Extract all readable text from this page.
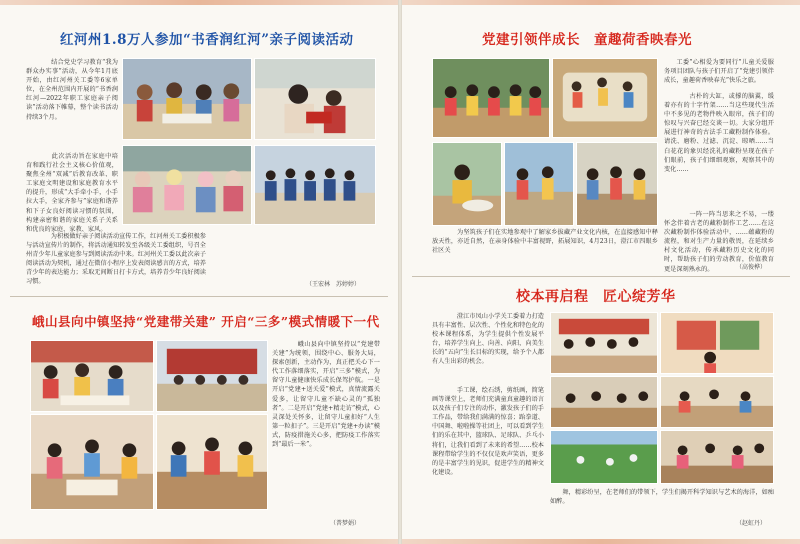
红河州1.8万人参加“书香润红河”亲子阅读活动

　　结合党史学习教育“我为群众办实事”活动，从今年1月底开始，由红河州关工委等6家单位，在全州范围内开展的“书香润红河—2022年职工家庭亲子阅读”活动落下帷幕，整个读书活动持续3个月。

　　此次活动旨在家庭中培育和践行社会主义核心价值观，聚焦全州“双减”后教育改革、职工家庭文明建设和家庭教育水平的提升，形成“大手牵小手，小手拉大手，全家齐参与”家庭和谐养和下子女良好阅读习惯的氛围，构建亲密和谐的家庭关系子关系和优良的家庭、家教、家风。

　　为积极做好亲子阅读活动宣传工作，红河州关工委积极参与活动宣传片的制作，将活动通知转发至各级关工委组织，号召全州青少年儿童家庭参与到阅读活动中来。红河州关工委以此次亲子阅读活动为契机，通过在微信小程序上发表阅读感言的方式，培养青少年的表达能力；采取无间断日打卡方式，培养青少年良好阅读习惯。	（王宏林　苏婷婷）
峨山县向中镇坚持“党建带关建” 开启“三多”模式情暖下一代

　　峨山县向中镇坚持以“党建带关建”为统领，围绕中心、服务大局，探索创新，主动作为，真正把关心下一代工作落细落实，开启“三多”模式，为留守儿童健康快乐成长保驾护航。一是开启“党建+送关爱”模式，真情流露关爱多，让留守儿童不缺心灵的“孤独者”。二是开启“党建+精走访”模式，心灵深处关怀多，让留守儿童扣好“人生第一粒扣子”。三是开启“党建+办读”模式，防疫措施关心多，把防疫工作落实到“最后一米”。

（普梦娟）
党建引领伴成长　童趣荷香映春光

工委”心相爱为要同行”儿童关爱服务项目团队与孩子们开启了“党建引领伴成长，童趣荷香映春光”快乐之旅。

　　古朴的大缸，或撑的脑翼，缓着亦有的十字竹架……当这些现代生活中不多见的老物件映入眼帘，孩子们的惊叹与兴奋已经交谈一切。大家分组开展进行神奇的古法手工藏粉制作体验。请洗、磨粉、过滤、沉淀、晾晒……当白花花的象贝经洗礼的藏粉呈现在孩子们眼前，孩子们细细观察，观察其中的变化……

　　为坚筑孩子们在实地参观中了解家乡拔藏产业文化内核，在直接感知中释放天性，亦近自然，在亲身体验中丰富视野，拓展知识，4月23日，澄江市四眼乡社区关

　　一阵一阵当思来之不易，一缕怀念伴着古老的藏粉制作工艺……在这次藏粉制作体验活动中，……蕴藏粉的流程，和对生产力量的敬畏，在延续乡村文化活动，传承藏粉历史文化的同时，帮助孩子们的劳动教育，价值教育更是深刻熟永的。	（高俊桦）
校本再启程　匠心绽芳华

　　澄江市凤山小学关工委着力打造具有丰富性、层次性、个性化和特色化的校本课程体系，为学生提供个性发展平台，培养学生向上、向善、向阳，向美生长的“五向”生长目标的实现，给予个人都有人生出彩的机会。

　　手工课，绘石绣，剪纸画，简笔画等课堂上，老师们充满童真童趣的语言以及孩子们专注的动作，激发孩子们的手工作品，带给我们满满的惊喜；跆拳道、中国舞、啦啦操等社团上，可以看到学生们的乐在其中，篮球队、足球队、乒乓小将们，让我们看到了未来的希望……校本课程带给学生的不仅仅是欢声笑语，更多的是丰富学生的见识，促进学生的精神文化建设。

舞，精彩纷呈，在老师们的带领下，学生们揭开科学知识与艺术的海洋，如痴如醉。

（赵虹丹）
